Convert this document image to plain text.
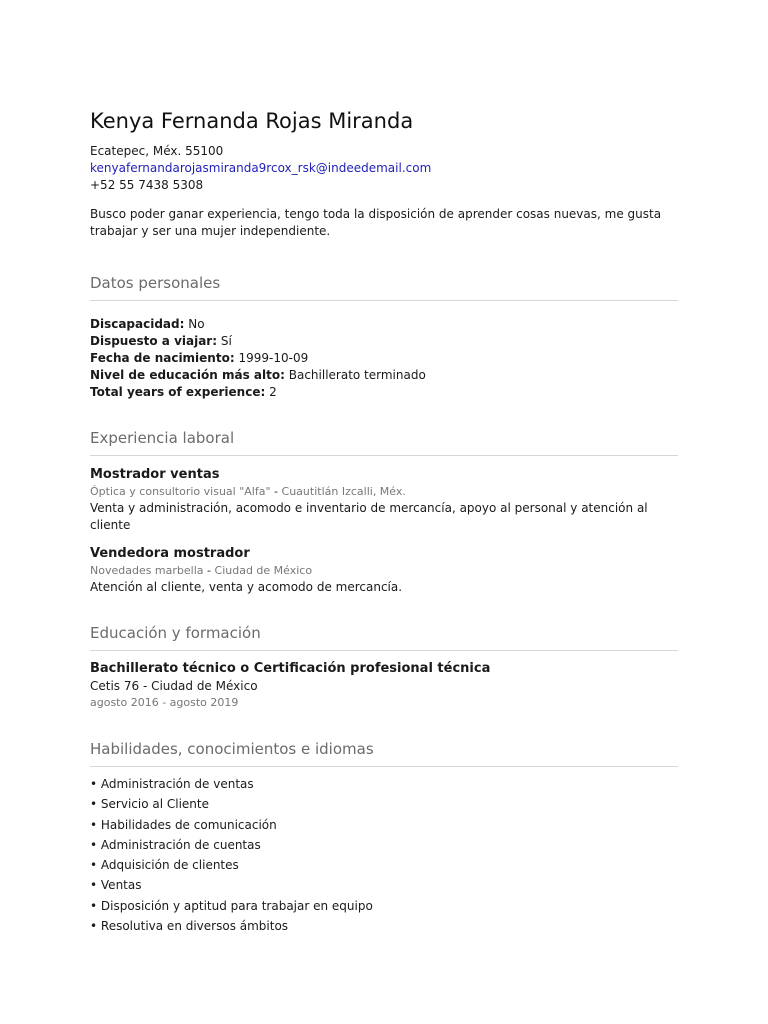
Kenya Fernanda Rojas Miranda
Ecatepec, Méx. 55100
kenyafernandarojasmiranda9rcox_rsk@indeedemail.com
+52 55 7438 5308
Busco poder ganar experiencia, tengo toda la disposición de aprender cosas nuevas, me gusta trabajar y ser una mujer independiente.
Datos personales
Discapacidad: No
Dispuesto a viajar: Sí
Fecha de nacimiento: 1999-10-09
Nivel de educación más alto: Bachillerato terminado
Total years of experience: 2
Experiencia laboral
Mostrador ventas
Óptica y consultorio visual "Alfa" - Cuautitlán Izcalli, Méx.
Venta y administración, acomodo e inventario de mercancía, apoyo al personal y atención al cliente
Vendedora mostrador
Novedades marbella - Ciudad de México
Atención al cliente, venta y acomodo de mercancía.
Educación y formación
Bachillerato técnico o Certificación profesional técnica
Cetis 76 - Ciudad de México
agosto 2016 - agosto 2019
Habilidades, conocimientos e idiomas
• Administración de ventas
• Servicio al Cliente
• Habilidades de comunicación
• Administración de cuentas
• Adquisición de clientes
• Ventas
• Disposición y aptitud para trabajar en equipo
• Resolutiva en diversos ámbitos
